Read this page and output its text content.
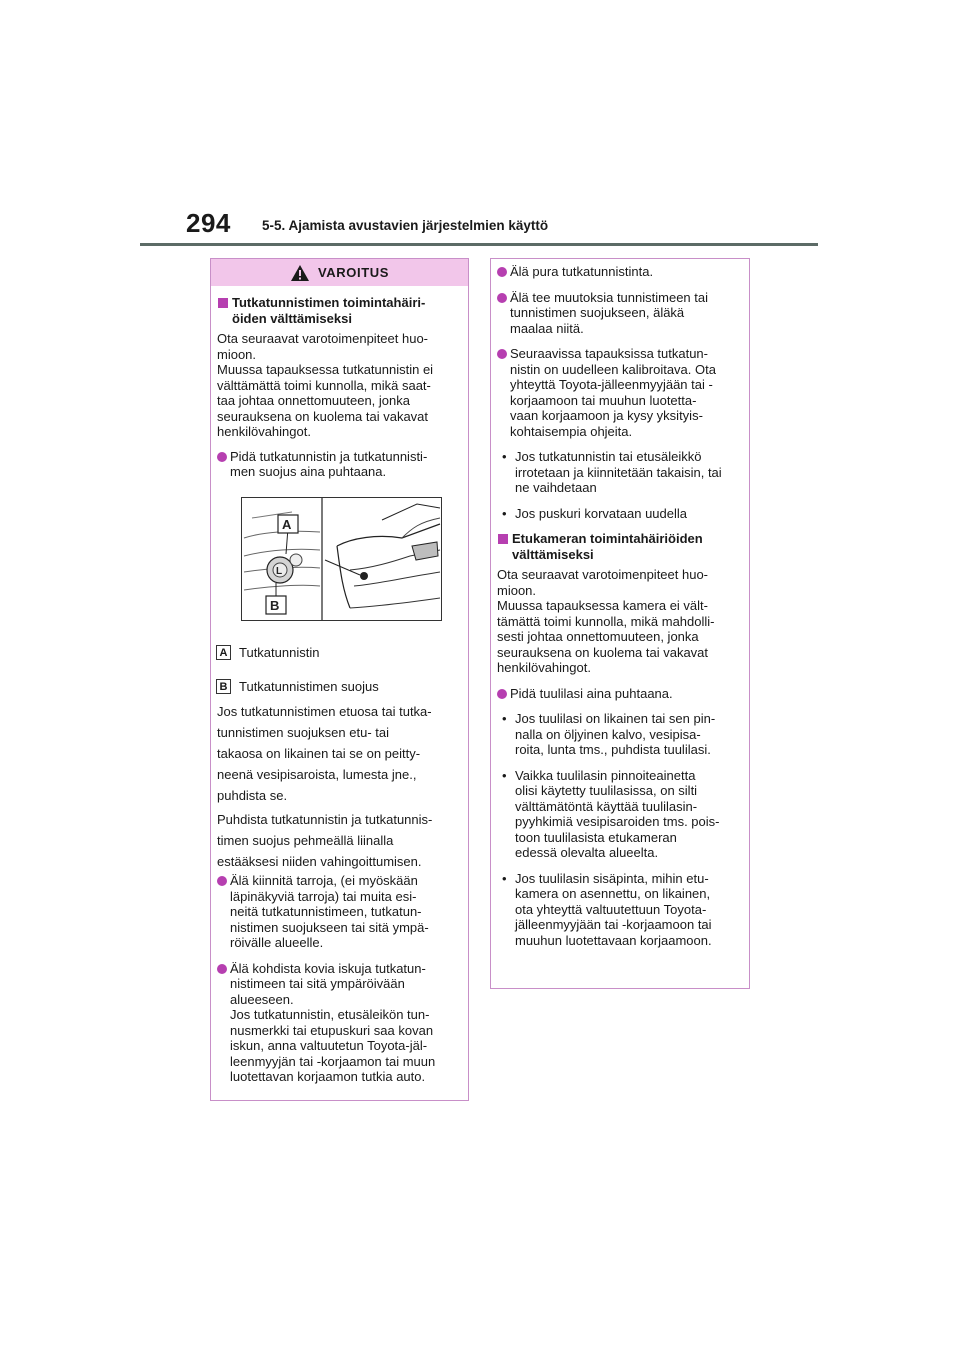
294 5-5. Ajamista avustavien järjestelmien käyttö
VAROITUS
Tutkatunnistimen toimintahäiri-
öiden välttämiseksi
Ota seuraavat varotoimenpiteet huo-
mioon.
Muussa tapauksessa tutkatunnistin ei
välttämättä toimi kunnolla, mikä saat-
taa johtaa onnettomuuteen, jonka
seurauksena on kuolema tai vakavat
henkilövahingot.
Pidä tutkatunnistin ja tutkatunnisti-
men suojus aina puhtaana.
Jos tutkatunnistimen etuosa tai tutka-
tunnistimen suojuksen etu- tai
takaosa on likainen tai se on peitty-
neenä vesipisaroista, lumesta jne.,
puhdista se.
Puhdista tutkatunnistin ja tutkatunnis-
timen suojus pehmeällä liinalla
estääksesi niiden vahingoittumisen.
Älä kiinnitä tarroja, (ei myöskään
läpinäkyviä tarroja) tai muita esi-
neitä tutkatunnistimeen, tutkatun-
nistimen suojukseen tai sitä ympä-
röivälle alueelle.
Älä kohdista kovia iskuja tutkatun-
nistimeen tai sitä ympäröivään
alueeseen.
Jos tutkatunnistin, etusäleikön tun-
nusmerkki tai etupuskuri saa kovan
iskun, anna valtuutetun Toyota-jäl-
leenmyyjän tai -korjaamon tai muun
luotettavan korjaamon tutkia auto.
L
A
B
A Tutkatunnistin
B Tutkatunnistimen suojus
Älä pura tutkatunnistinta.
Älä tee muutoksia tunnistimeen tai
tunnistimen suojukseen, äläkä
maalaa niitä.
Seuraavissa tapauksissa tutkatun-
nistin on uudelleen kalibroitava. Ota
yhteyttä Toyota-jälleenmyyjään tai -
korjaamoon tai muuhun luotetta-
vaan korjaamoon ja kysy yksityis-
kohtaisempia ohjeita.
• Jos tutkatunnistin tai etusäleikkö
irrotetaan ja kiinnitetään takaisin, tai
ne vaihdetaan
• Jos puskuri korvataan uudella
Etukameran toimintahäiriöiden
välttämiseksi
Ota seuraavat varotoimenpiteet huo-
mioon.
Muussa tapauksessa kamera ei vält-
tämättä toimi kunnolla, mikä mahdolli-
sesti johtaa onnettomuuteen, jonka
seurauksena on kuolema tai vakavat
henkilövahingot.
Pidä tuulilasi aina puhtaana.
• Jos tuulilasi on likainen tai sen pin-
nalla on öljyinen kalvo, vesipisa-
roita, lunta tms., puhdista tuulilasi.
• Vaikka tuulilasin pinnoiteainetta
olisi käytetty tuulilasissa, on silti
välttämätöntä käyttää tuulilasin-
pyyhkimiä vesipisaroiden tms. pois-
toon tuulilasista etukameran
edessä olevalta alueelta.
• Jos tuulilasin sisäpinta, mihin etu-
kamera on asennettu, on likainen,
ota yhteyttä valtuutettuun Toyota-
jälleenmyyjään tai -korjaamoon tai
muuhun luotettavaan korjaamoon.
